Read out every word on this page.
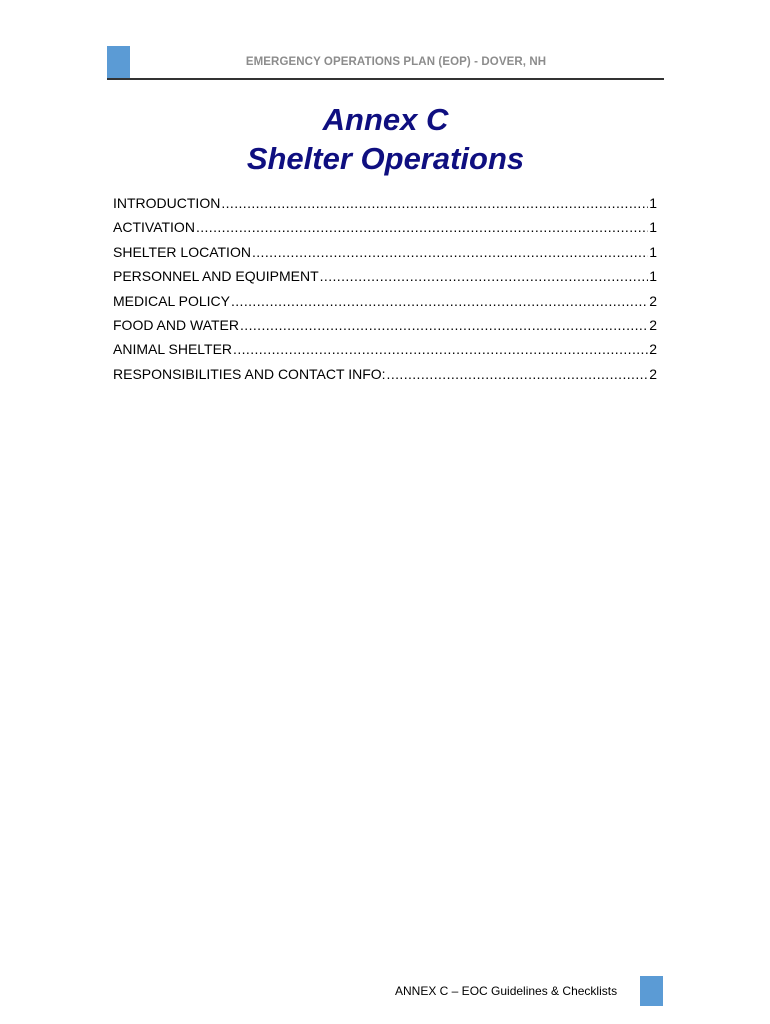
EMERGENCY OPERATIONS PLAN (EOP) - DOVER, NH
Annex C
Shelter Operations
INTRODUCTION .....	1
ACTIVATION .....	1
SHELTER LOCATION .....	1
PERSONNEL AND EQUIPMENT .....	1
MEDICAL POLICY .....	2
FOOD AND WATER .....	2
ANIMAL SHELTER .....	2
RESPONSIBILITIES AND CONTACT INFO: .....	2
ANNEX C – EOC Guidelines & Checklists
